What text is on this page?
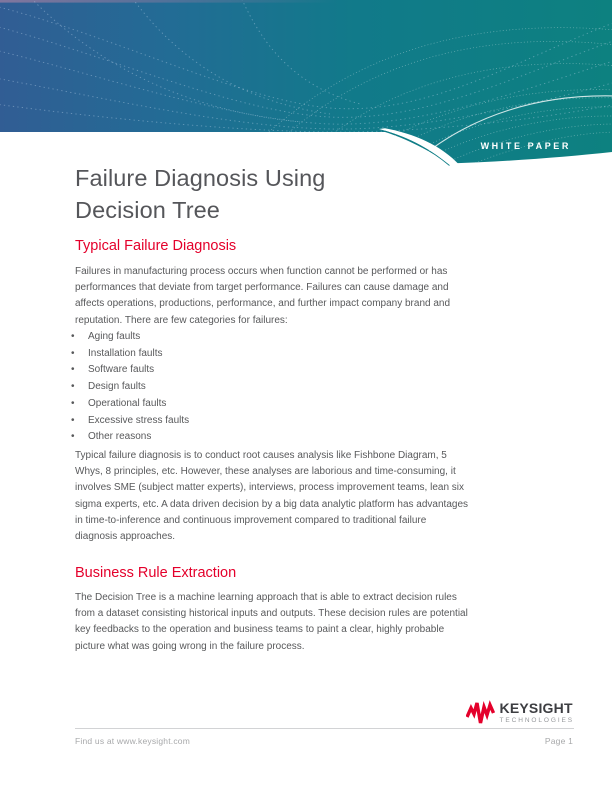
WHITE PAPER
Failure Diagnosis Using
Decision Tree
Typical Failure Diagnosis

Failures in manufacturing process occurs when function cannot be performed or has performances that deviate from target performance. Failures can cause damage and affects operations, productions, performance, and further impact company brand and reputation. There are few categories for failures:

• Aging faults
• Installation faults
• Software faults
• Design faults
• Operational faults
• Excessive stress faults
• Other reasons

Typical failure diagnosis is to conduct root causes analysis like Fishbone Diagram, 5 Whys, 8 principles, etc. However, these analyses are laborious and time-consuming, it involves SME (subject matter experts), interviews, process improvement teams, lean six sigma experts, etc. A data driven decision by a big data analytic platform has advantages in time-to-inference and continuous improvement compared to traditional failure diagnosis approaches.

Business Rule Extraction

The Decision Tree is a machine learning approach that is able to extract decision rules from a dataset consisting historical inputs and outputs. These decision rules are potential key feedbacks to the operation and business teams to paint a clear, highly probable picture what was going wrong in the failure process.

KEYSIGHT
TECHNOLOGIES
Find us at www.keysight.com	Page 1
